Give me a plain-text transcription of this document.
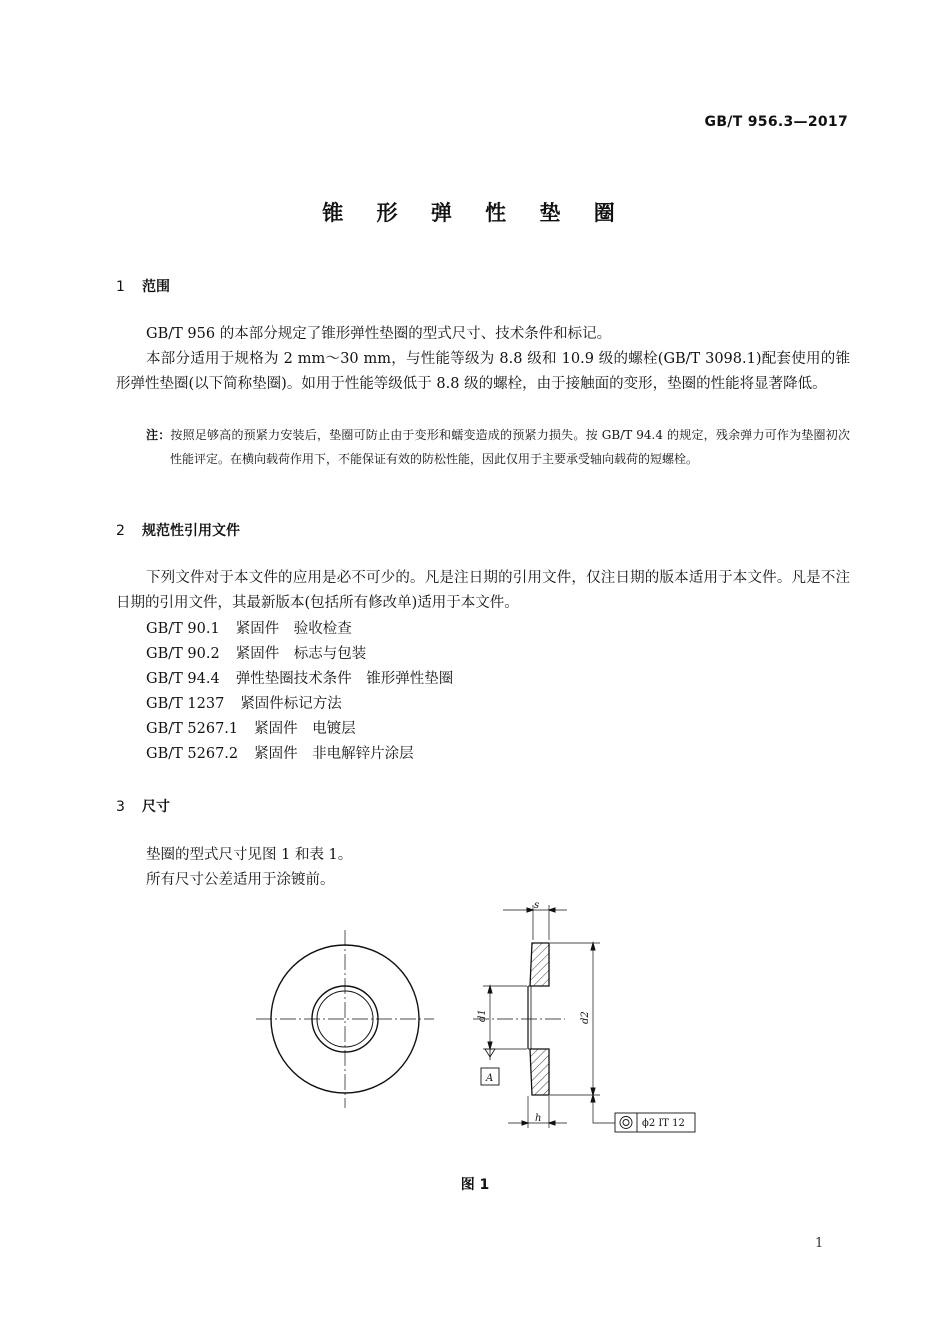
GB/T 956.3—2017
锥 形 弹 性 垫 圈
1 范围

GB/T 956 的本部分规定了锥形弹性垫圈的型式尺寸、技术条件和标记。

本部分适用于规格为 2 mm～30 mm，与性能等级为 8.8 级和 10.9 级的螺栓(GB/T 3098.1)配套使用的锥形弹性垫圈(以下简称垫圈)。如用于性能等级低于 8.8 级的螺栓，由于接触面的变形，垫圈的性能将显著降低。

注：按照足够高的预紧力安装后，垫圈可防止由于变形和蠕变造成的预紧力损失。按 GB/T 94.4 的规定，残余弹力可作为垫圈初次性能评定。在横向载荷作用下，不能保证有效的防松性能，因此仅用于主要承受轴向载荷的短螺栓。

2 规范性引用文件

下列文件对于本文件的应用是必不可少的。凡是注日期的引用文件，仅注日期的版本适用于本文件。凡是不注日期的引用文件，其最新版本(包括所有修改单)适用于本文件。

GB/T 90.1 紧固件　验收检查
GB/T 90.2 紧固件　标志与包装
GB/T 94.4 弹性垫圈技术条件　锥形弹性垫圈
GB/T 1237 紧固件标记方法
GB/T 5267.1 紧固件　电镀层
GB/T 5267.2 紧固件　非电解锌片涂层
3 尺寸

垫圈的型式尺寸见图 1 和表 1。

所有尺寸公差适用于涂镀前。

s
d1	d2
h
A
ϕ2 IT 12
图 1
1
